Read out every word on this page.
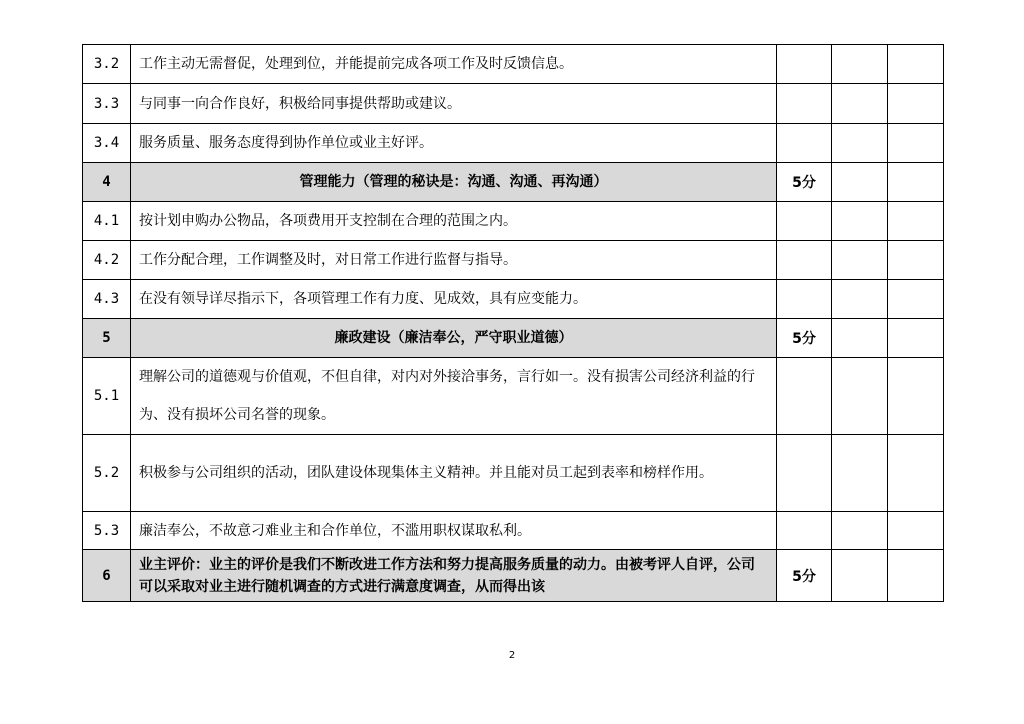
3.2	工作主动无需督促，处理到位，并能提前完成各项工作及时反馈信息。			
3.3	与同事一向合作良好，积极给同事提供帮助或建议。			
3.4	服务质量、服务态度得到协作单位或业主好评。			
4	管理能力（管理的秘诀是：沟通、沟通、再沟通）	5分		
4.1	按计划申购办公物品，各项费用开支控制在合理的范围之内。			
4.2	工作分配合理，工作调整及时，对日常工作进行监督与指导。			
4.3	在没有领导详尽指示下，各项管理工作有力度、见成效，具有应变能力。			
5	廉政建设（廉洁奉公，严守职业道德）	5分		
5.1	理解公司的道德观与价值观，不但自律，对内对外接洽事务，言行如一。没有损害公司经济利益的行为、没有损坏公司名誉的现象。			
5.2	积极参与公司组织的活动，团队建设体现集体主义精神。并且能对员工起到表率和榜样作用。			
5.3	廉洁奉公，不故意刁难业主和合作单位，不滥用职权谋取私利。			
6	业主评价：业主的评价是我们不断改进工作方法和努力提高服务质量的动力。由被考评人自评，公司可以采取对业主进行随机调查的方式进行满意度调查，从而得出该	5分		
2
